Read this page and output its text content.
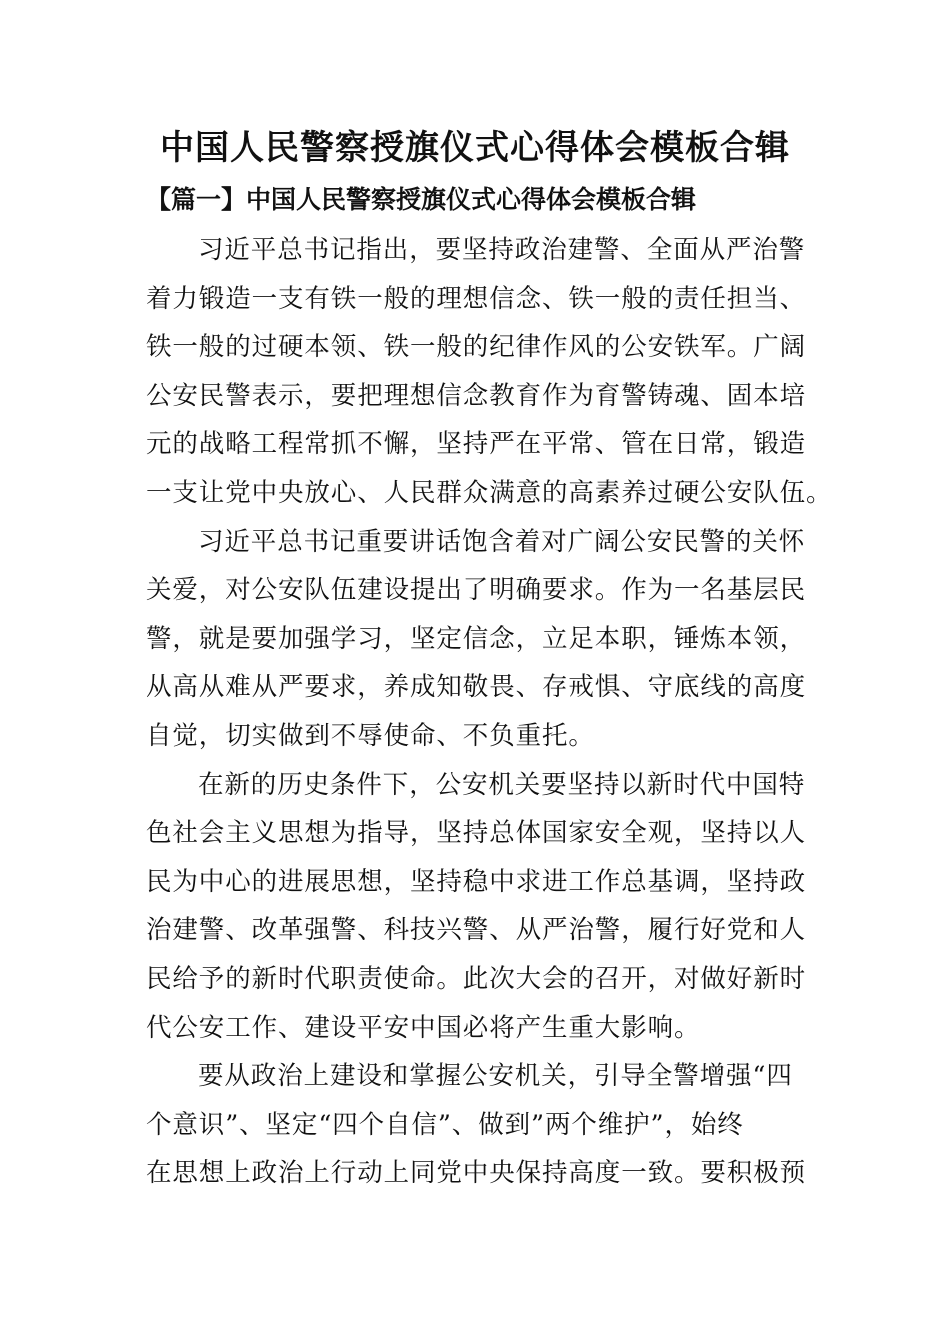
中国人民警察授旗仪式心得体会模板合辑
【篇一】中国人民警察授旗仪式心得体会模板合辑

习近平总书记指出，要坚持政治建警、全面从严治警
着力锻造一支有铁一般的理想信念、铁一般的责任担当、
铁一般的过硬本领、铁一般的纪律作风的公安铁军。广阔
公安民警表示，要把理想信念教育作为育警铸魂、固本培
元的战略工程常抓不懈，坚持严在平常、管在日常，锻造
一支让党中央放心、人民群众满意的高素养过硬公安队伍。

习近平总书记重要讲话饱含着对广阔公安民警的关怀
关爱，对公安队伍建设提出了明确要求。作为一名基层民
警，就是要加强学习，坚定信念，立足本职，锤炼本领，
从高从难从严要求，养成知敬畏、存戒惧、守底线的高度
自觉，切实做到不辱使命、不负重托。

在新的历史条件下，公安机关要坚持以新时代中国特
色社会主义思想为指导，坚持总体国家安全观，坚持以人
民为中心的进展思想，坚持稳中求进工作总基调，坚持政
治建警、改革强警、科技兴警、从严治警，履行好党和人
民给予的新时代职责使命。此次大会的召开，对做好新时
代公安工作、建设平安中国必将产生重大影响。

要从政治上建设和掌握公安机关，引导全警增强“四
个意识”、坚定“四个自信”、做到”两个维护”，始终
在思想上政治上行动上同党中央保持高度一致。要积极预
